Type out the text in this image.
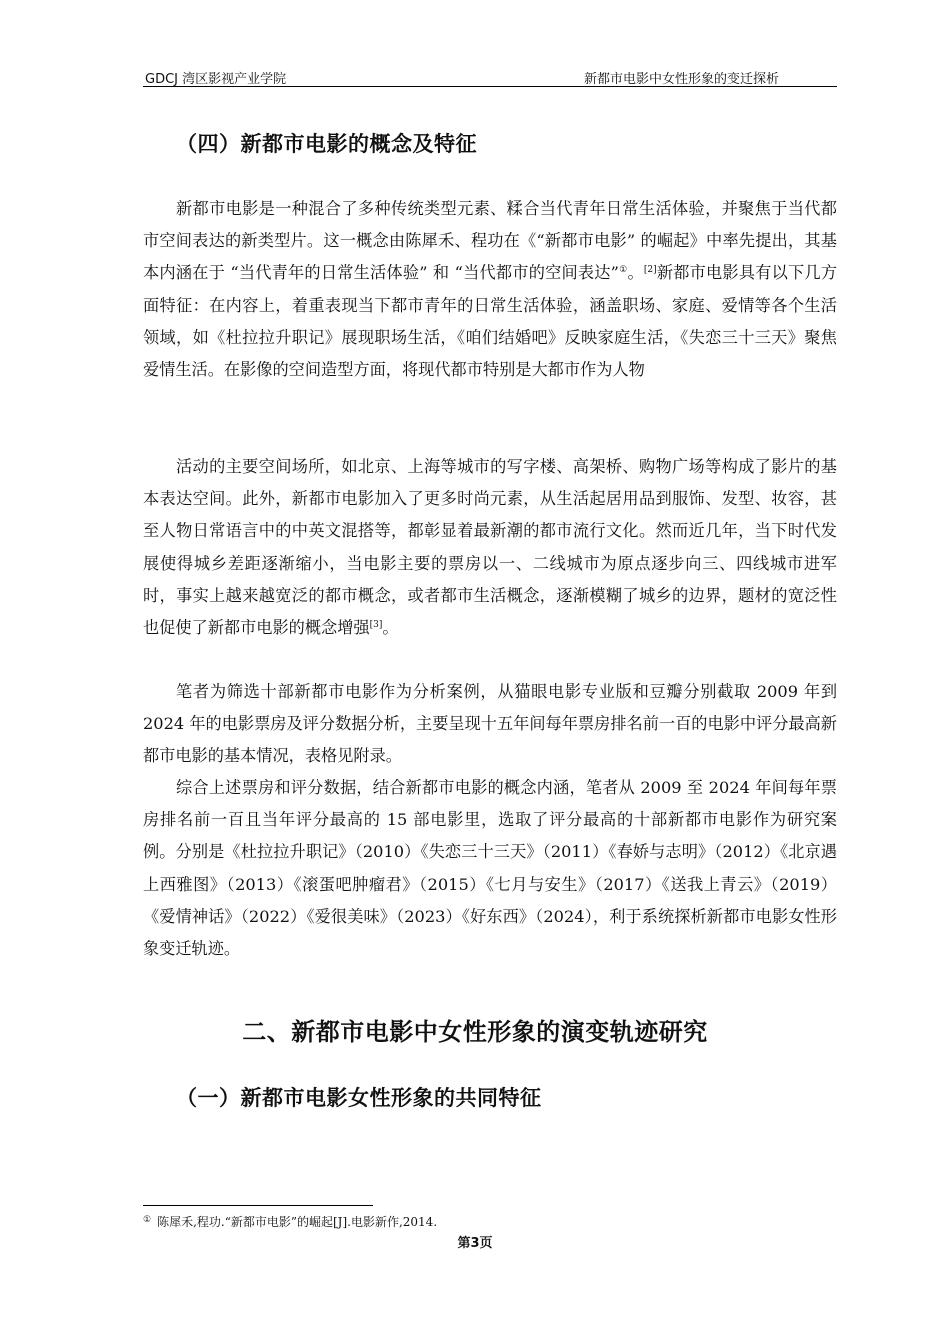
GDCJ 湾区影视产业学院	新都市电影中女性形象的变迁探析
（四）新都市电影的概念及特征
新都市电影是一种混合了多种传统类型元素、糅合当代青年日常生活体验，并聚焦于当代都市空间表达的新类型片。这一概念由陈犀禾、程功在《“新都市电影” 的崛起》中率先提出，其基本内涵在于 “当代青年的日常生活体验” 和 “当代都市的空间表达”①。[2]新都市电影具有以下几方面特征：在内容上，着重表现当下都市青年的日常生活体验，涵盖职场、家庭、爱情等各个生活领域，如《杜拉拉升职记》展现职场生活，《咱们结婚吧》反映家庭生活，《失恋三十三天》聚焦爱情生活。在影像的空间造型方面，将现代都市特别是大都市作为人物
活动的主要空间场所，如北京、上海等城市的写字楼、高架桥、购物广场等构成了影片的基本表达空间。此外，新都市电影加入了更多时尚元素，从生活起居用品到服饰、发型、妆容，甚至人物日常语言中的中英文混搭等，都彰显着最新潮的都市流行文化。然而近几年，当下时代发展使得城乡差距逐渐缩小，当电影主要的票房以一、二线城市为原点逐步向三、四线城市进军时，事实上越来越宽泛的都市概念，或者都市生活概念，逐渐模糊了城乡的边界，题材的宽泛性也促使了新都市电影的概念增强[3]。
笔者为筛选十部新都市电影作为分析案例，从猫眼电影专业版和豆瓣分别截取 2009 年到 2024 年的电影票房及评分数据分析，主要呈现十五年间每年票房排名前一百的电影中评分最高新都市电影的基本情况，表格见附录。
综合上述票房和评分数据，结合新都市电影的概念内涵，笔者从 2009 至 2024 年间每年票房排名前一百且当年评分最高的 15 部电影里，选取了评分最高的十部新都市电影作为研究案例。分别是《杜拉拉升职记》（2010）《失恋三十三天》（2011）《春娇与志明》（2012）《北京遇上西雅图》（2013）《滚蛋吧肿瘤君》（2015）《七月与安生》（2017）《送我上青云》（2019）《爱情神话》（2022）《爱很美味》（2023）《好东西》（2024），利于系统探析新都市电影女性形象变迁轨迹。
二、新都市电影中女性形象的演变轨迹研究
（一）新都市电影女性形象的共同特征
① 陈犀禾,程功.“新都市电影”的崛起[J].电影新作,2014.
第3页
